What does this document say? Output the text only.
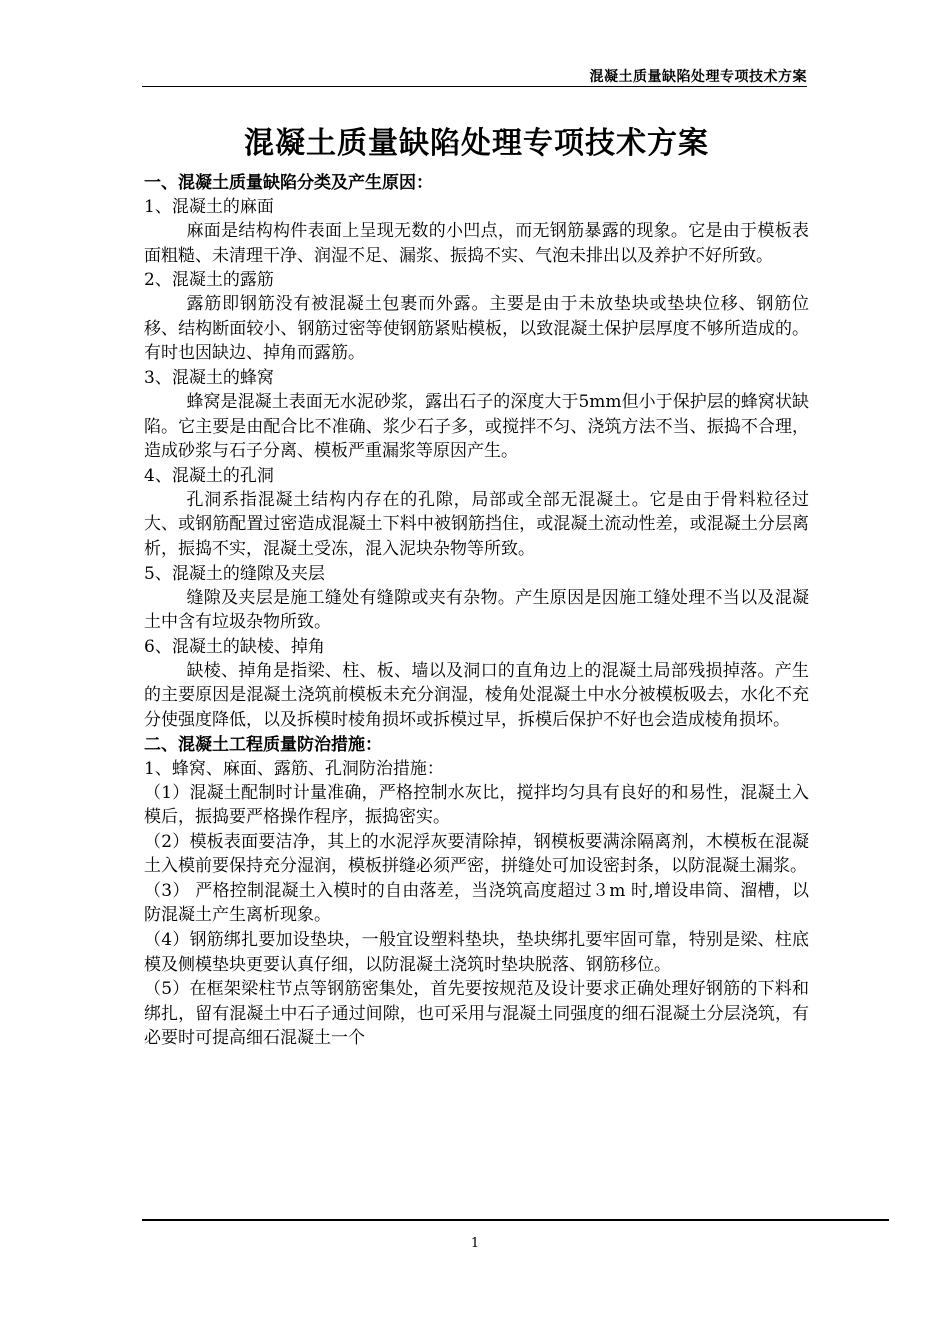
混凝土质量缺陷处理专项技术方案
混凝土质量缺陷处理专项技术方案

一、混凝土质量缺陷分类及产生原因：

1、混凝土的麻面

麻面是结构构件表面上呈现无数的小凹点，而无钢筋暴露的现象。它是由于模板表面粗糙、未清理干净、润湿不足、漏浆、振捣不实、气泡未排出以及养护不好所致。

2、混凝土的露筋

露筋即钢筋没有被混凝土包裹而外露。主要是由于未放垫块或垫块位移、钢筋位移、结构断面较小、钢筋过密等使钢筋紧贴模板，以致混凝土保护层厚度不够所造成的。有时也因缺边、掉角而露筋。

3、混凝土的蜂窝

蜂窝是混凝土表面无水泥砂浆，露出石子的深度大于5mm但小于保护层的蜂窝状缺陷。它主要是由配合比不准确、浆少石子多，或搅拌不匀、浇筑方法不当、振捣不合理，造成砂浆与石子分离、模板严重漏浆等原因产生。

4、混凝土的孔洞

孔洞系指混凝土结构内存在的孔隙，局部或全部无混凝土。它是由于骨料粒径过大、或钢筋配置过密造成混凝土下料中被钢筋挡住，或混凝土流动性差，或混凝土分层离析，振捣不实，混凝土受冻，混入泥块杂物等所致。

5、混凝土的缝隙及夹层

缝隙及夹层是施工缝处有缝隙或夹有杂物。产生原因是因施工缝处理不当以及混凝土中含有垃圾杂物所致。

6、混凝土的缺棱、掉角

缺棱、掉角是指梁、柱、板、墙以及洞口的直角边上的混凝土局部残损掉落。产生的主要原因是混凝土浇筑前模板未充分润湿，棱角处混凝土中水分被模板吸去，水化不充分使强度降低，以及拆模时棱角损坏或拆模过早，拆模后保护不好也会造成棱角损坏。

二、混凝土工程质量防治措施：

1、蜂窝、麻面、露筋、孔洞防治措施：

（1）混凝土配制时计量准确，严格控制水灰比，搅拌均匀具有良好的和易性，混凝土入模后，振捣要严格操作程序，振捣密实。

（2）模板表面要洁净，其上的水泥浮灰要清除掉，钢模板要满涂隔离剂，木模板在混凝土入模前要保持充分湿润，模板拼缝必须严密，拼缝处可加设密封条，以防混凝土漏浆。

（3） 严格控制混凝土入模时的自由落差，当浇筑高度超过３m 时,增设串筒、溜槽，以防混凝土产生离析现象。

（4）钢筋绑扎要加设垫块，一般宜设塑料垫块，垫块绑扎要牢固可靠，特别是梁、柱底模及侧模垫块更要认真仔细，以防混凝土浇筑时垫块脱落、钢筋移位。

（5）在框架梁柱节点等钢筋密集处，首先要按规范及设计要求正确处理好钢筋的下料和绑扎，留有混凝土中石子通过间隙，也可采用与混凝土同强度的细石混凝土分层浇筑，有必要时可提高细石混凝土一个

1
